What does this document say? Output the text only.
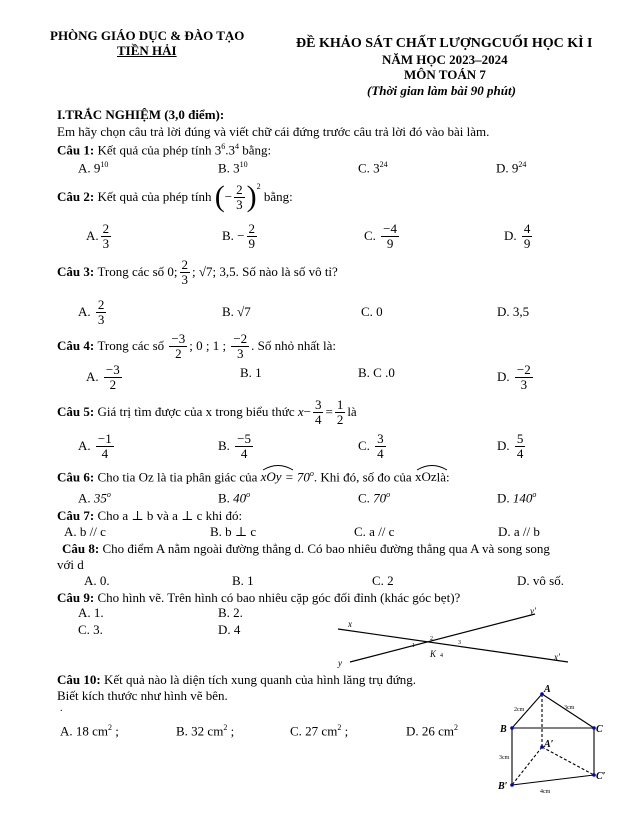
PHÒNG GIÁO DỤC & ĐÀO TẠO
TIỀN HẢI	ĐỀ KHẢO SÁT CHẤT LƯỢNGCUỐI HỌC KÌ I
NĂM HỌC 2023–2024
MÔN TOÁN 7
(Thời gian làm bài 90 phút)
I.TRẮC NGHIỆM (3,0 điểm):
Em hãy chọn câu trả lời đúng và viết chữ cái đứng trước câu trả lời đó vào bài làm.
Câu 1: Kết quả của phép tính $3^6.3^4$ bằng:
A. $9^{10}$	B. $3^{10}$	C. $3^{24}$	D. $9^{24}$
Câu 2:
Kết quả của phép tính
( − $\frac{2}{3} )^2$

bằng:
A. $\frac{2}{3}$	B.
− $\frac{2}{9}$	C.
$\frac{-4}{9}$	D.
$\frac{4}{9}$
Câu 3:
Trong các số 0; $\frac{2}{3}$ ;
√7 ; 3,5. Số nào là số vô tỉ?
A.
$\frac{2}{3}$	B. √7	C. 0	D. 3,5
Câu 4:
Trong các số
$\frac{-3}{2}$ ; 0 ; 1 ;
$\frac{-2}{3}$ . Số nhỏ nhất là:
A.
$\frac{-3}{2}$	B. 1	B. C .0	D.
$\frac{-2}{3}$
Câu 5:
Giá trị tìm được của x trong biểu thức
$x - \frac{3}{4} = \frac{1}{2}$ là
A.
$\frac{-1}{4}$	B.
$\frac{-5}{4}$	C.
$\frac{3}{4}$	D.
$\frac{5}{4}$
Câu 6: Cho tia Oz là tia phân giác của xOy
= $70^o$. Khi đó, số đo của xOz
là:
A. 35$^o$	B. 40$^o$	C. 70$^o$	D. 140$^o$
Câu 7: Cho a ⊥ b và a ⊥ c khi đó:
A. b // c	B. b ⊥ c	C. a // c	D. a // b
Câu 8: Cho điểm A nằm ngoài đường thẳng d. Có bao nhiêu đường thẳng qua A và song song
với d
A. 0.	B. 1	C. 2	D. vô số.
Câu 9: Cho hình vẽ. Trên hình có bao nhiêu cặp góc đối đỉnh (khác góc bẹt)?
A. 1.	B. 2.
C. 3.	D. 4	x
y
x′
y′
K
1
2
3
4
Câu 10: Kết quả nào là diện tích xung quanh của hình lăng trụ đứng.
Biết kích thước như hình vẽ bên.
.
A. 18 $cm^2$ ;	B. 32 $cm^2$ ;	C. 27 $cm^2$ ;	D. 26 $cm^2$
A
B	C
A′
B′
C′
2cm	3cm
3cm
4cm
